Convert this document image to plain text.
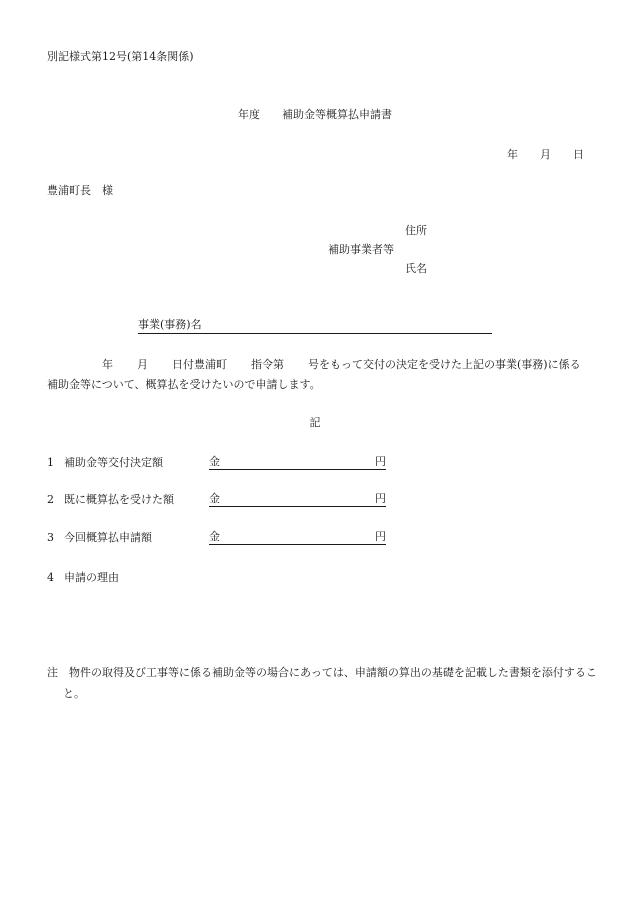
別記様式第12号(第14条関係)
年度　　補助金等概算払申請書
年 月 日
豊浦町長　様
住所
補助事業者等
氏名
事業(事務)名
年 月 日付豊浦町 指令第 号をもって交付の決定を受けた上記の事業(事務)に係る補助金等について、概算払を受けたいので申請します。
記
1 補助金等交付決定額	金	円
2 既に概算払を受けた額	金	円
3 今回概算払申請額	金	円
4 申請の理由
注　物件の取得及び工事等に係る補助金等の場合にあっては、申請額の算出の基礎を記載した書類を添付すること。
